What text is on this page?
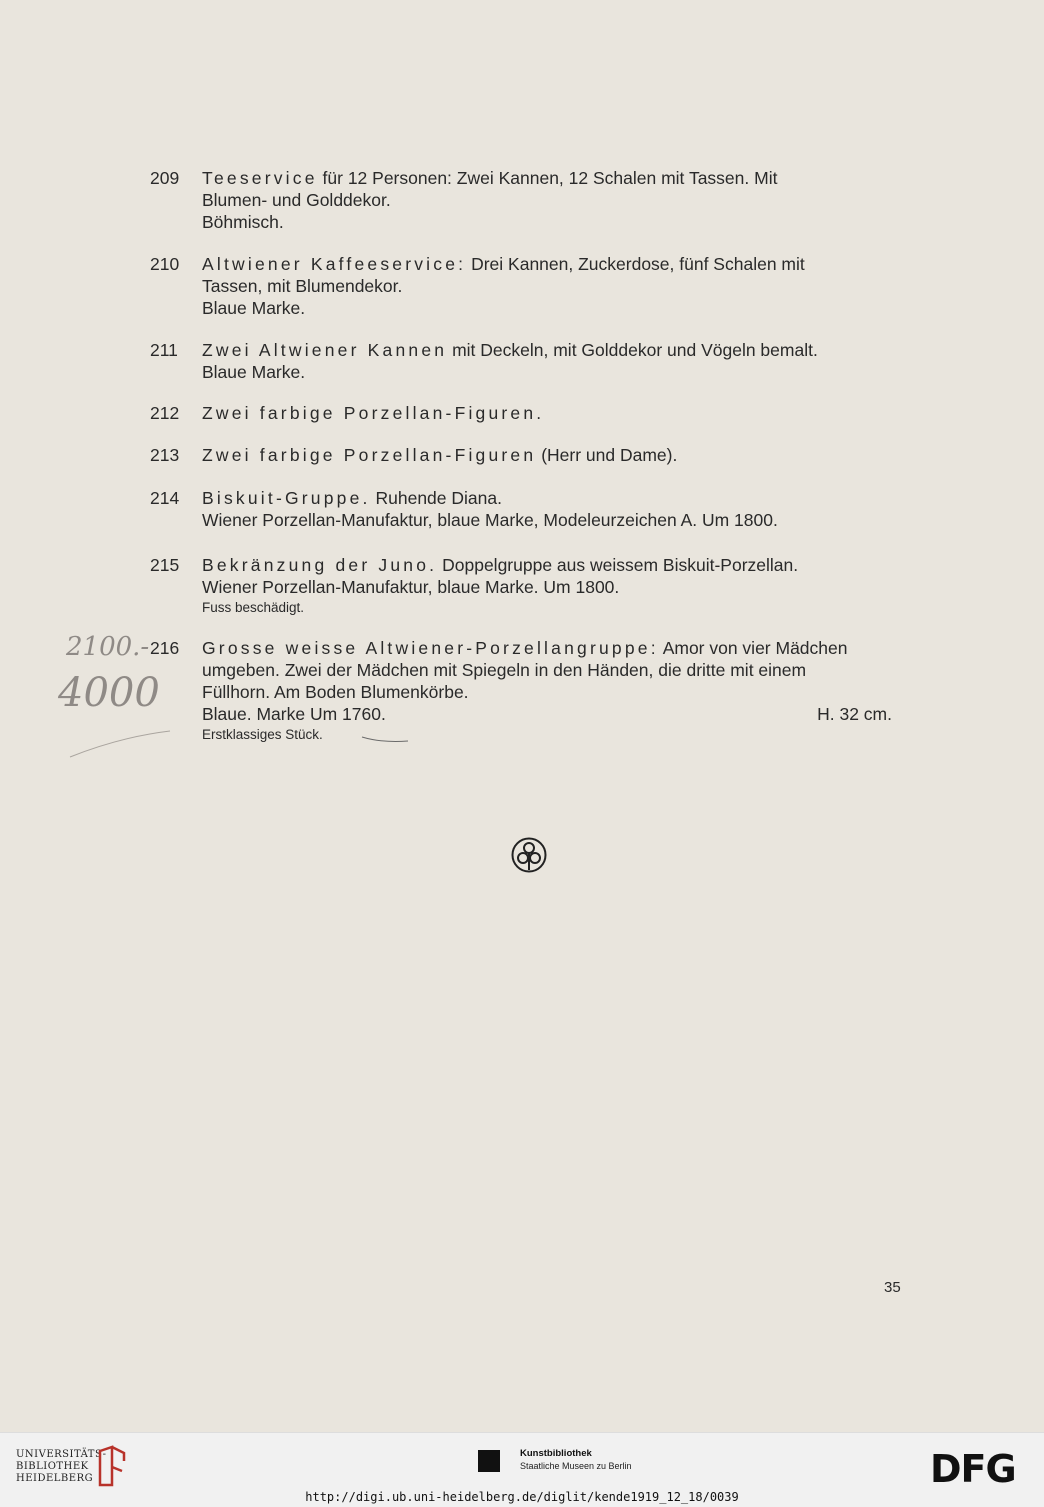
209	Teeservice für 12 Personen: Zwei Kannen, 12 Schalen mit Tassen. Mit
Blumen- und Golddekor.
Böhmisch.
210	Altwiener Kaffeeservice: Drei Kannen, Zuckerdose, fünf Schalen mit
Tassen, mit Blumendekor.
Blaue Marke.
211	Zwei Altwiener Kannen mit Deckeln, mit Golddekor und Vögeln bemalt.
Blaue Marke.
212	Zwei farbige Porzellan-Figuren.
213	Zwei farbige Porzellan-Figuren (Herr und Dame).
214	Biskuit-Gruppe. Ruhende Diana.
Wiener Porzellan-Manufaktur, blaue Marke, Modeleurzeichen A. Um 1800.
215	Bekränzung der Juno. Doppelgruppe aus weissem Biskuit-Porzellan.
Wiener Porzellan-Manufaktur, blaue Marke. Um 1800.
Fuss beschädigt.
216	Grosse weisse Altwiener-Porzellangruppe: Amor von vier Mädchen
umgeben. Zwei der Mädchen mit Spiegeln in den Händen, die dritte mit einem
Füllhorn. Am Boden Blumenkörbe.
Blaue. Marke Um 1760.	H. 32 cm.
Erstklassiges Stück.
2100.-
4000
35
UNIVERSITÄTS-
BIBLIOTHEK
HEIDELBERG
Kunstbibliothek
Staatliche Museen zu Berlin	DFG
http://digi.ub.uni-heidelberg.de/diglit/kende1919_12_18/0039
